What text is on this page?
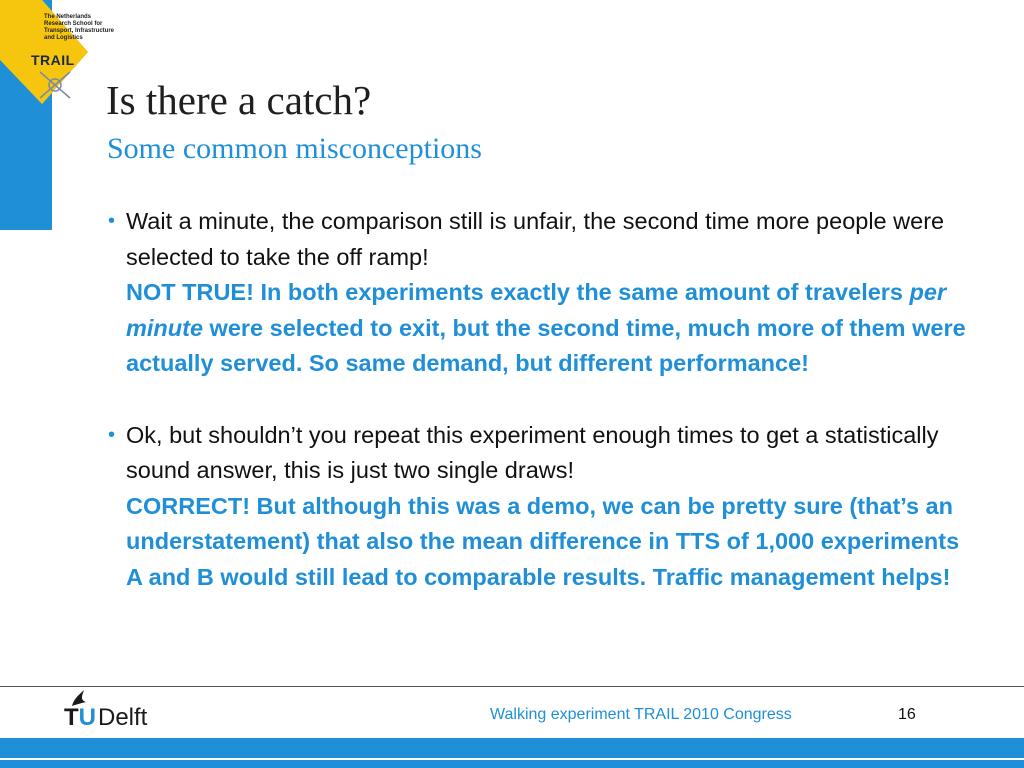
The Netherlands
Research School for
Transport, Infrastructure
and Logistics
TRAIL
Is there a catch?
Some common misconceptions

• Wait a minute, the comparison still is unfair, the second time more people were selected to take the off ramp!
NOT TRUE! In both experiments exactly the same amount of travelers per minute were selected to exit, but the second time, much more of them were actually served. So same demand, but different performance!

• Ok, but shouldn’t you repeat this experiment enough times to get a statistically sound answer, this is just two single draws!
CORRECT! But although this was a demo, we can be pretty sure (that’s an understatement) that also the mean difference in TTS of 1,000 experiments A and B would still lead to comparable results. Traffic management helps!

TU Delft	Walking experiment TRAIL 2010 Congress	16
